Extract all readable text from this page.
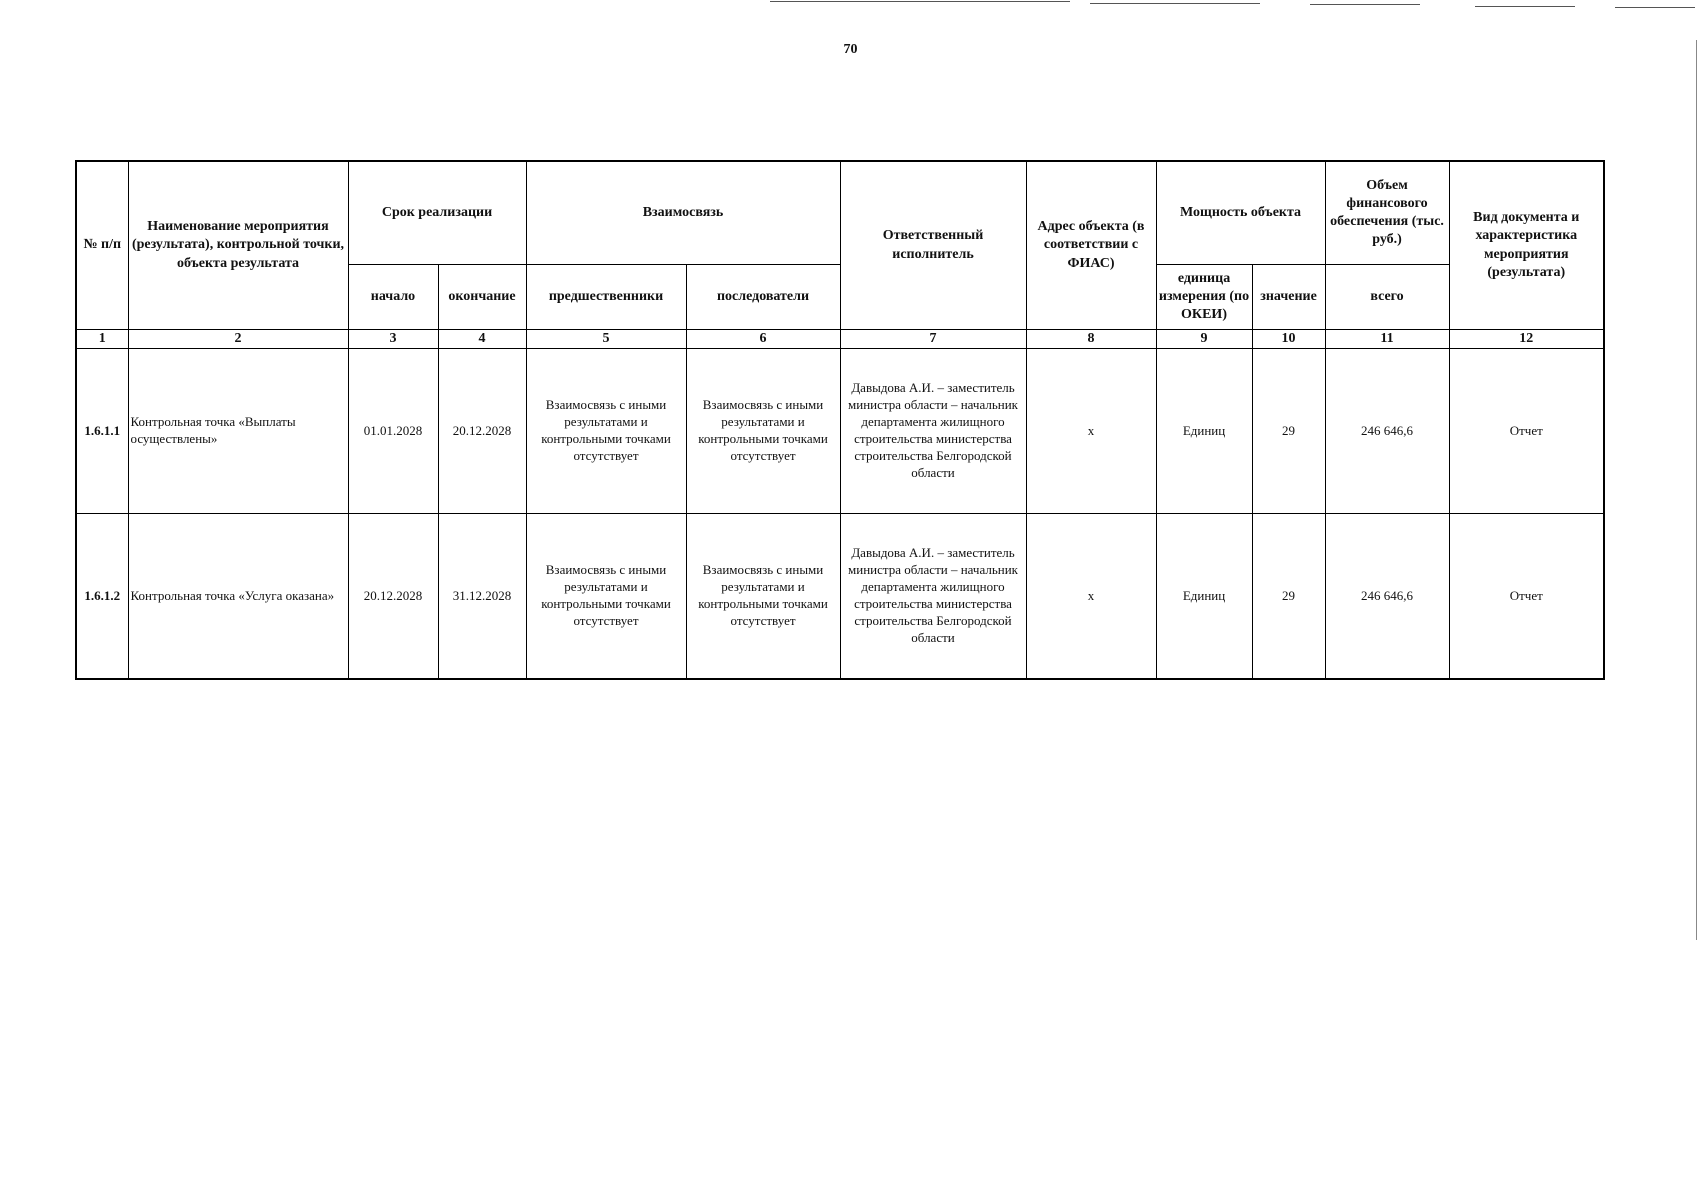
70
№ п/п	Наименование мероприятия (результата), контрольной точки, объекта результата	Срок реализации		Взаимосвязь		Ответственный исполнитель	Адрес объекта (в соответствии с ФИАС)	Мощность объекта		Объем финансового обеспечения (тыс. руб.)	Вид документа и характеристика мероприятия (результата)
		начало	окончание	предшественники	последователи			единица измерения (по ОКЕИ)	значение	всего	
1	2	3	4	5	6	7	8	9	10	11	12
1.6.1.1	Контрольная точка «Выплаты осуществлены»	01.01.2028	20.12.2028	Взаимосвязь с иными результатами и контрольными точками отсутствует	Взаимосвязь с иными результатами и контрольными точками отсутствует	Давыдова А.И. – заместитель министра области – начальник департамента жилищного строительства министерства строительства Белгородской области	x	Единиц	29	246 646,6	Отчет
1.6.1.2	Контрольная точка «Услуга оказана»	20.12.2028	31.12.2028	Взаимосвязь с иными результатами и контрольными точками отсутствует	Взаимосвязь с иными результатами и контрольными точками отсутствует	Давыдова А.И. – заместитель министра области – начальник департамента жилищного строительства министерства строительства Белгородской области	x	Единиц	29	246 646,6	Отчет
